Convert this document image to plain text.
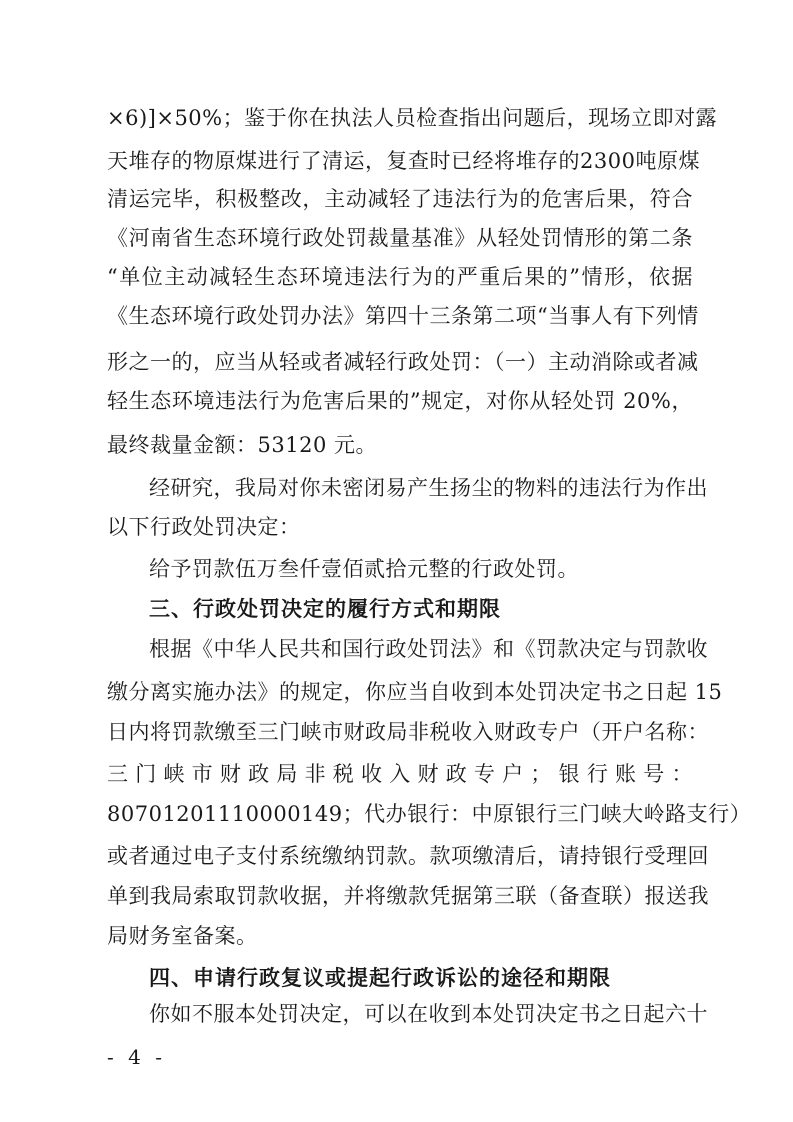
×6)]×50%；鉴于你在执法人员检查指出问题后，现场立即对露
天堆存的物原煤进行了清运，复查时已经将堆存的2300吨原煤
清运完毕，积极整改，主动减轻了违法行为的危害后果，符合
《河南省生态环境行政处罚裁量基准》从轻处罚情形的第二条
“单位主动减轻生态环境违法行为的严重后果的”情形，依据
《生态环境行政处罚办法》第四十三条第二项“当事人有下列情
形之一的，应当从轻或者减轻行政处罚：（一）主动消除或者减
轻生态环境违法行为危害后果的”规定，对你从轻处罚 20%，
最终裁量金额：53120 元。
经研究，我局对你未密闭易产生扬尘的物料的违法行为作出
以下行政处罚决定：
给予罚款伍万叁仟壹佰贰拾元整的行政处罚。
三、行政处罚决定的履行方式和期限
根据《中华人民共和国行政处罚法》和《罚款决定与罚款收
缴分离实施办法》的规定，你应当自收到本处罚决定书之日起 15
日内将罚款缴至三门峡市财政局非税收入财政专户（开户名称：
三门峡市财政局非税收入财政专户；银行账号：
80701201110000149；代办银行：中原银行三门峡大岭路支行）
或者通过电子支付系统缴纳罚款。款项缴清后，请持银行受理回
单到我局索取罚款收据，并将缴款凭据第三联（备查联）报送我
局财务室备案。
四、申请行政复议或提起行政诉讼的途径和期限
你如不服本处罚决定，可以在收到本处罚决定书之日起六十
- 4 -
